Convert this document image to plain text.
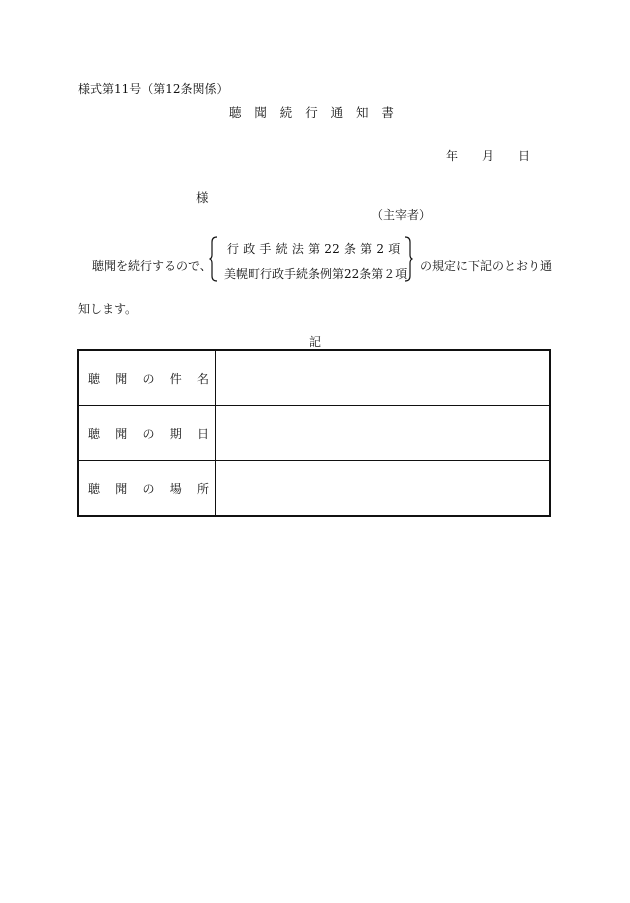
様式第11号（第12条関係）
聴　聞　続　行　通　知　書
年　　月　　日
様
（主宰者）
聴聞を続行するので、
行 政 手 続 法 第 22 条 第 2 項
美幌町行政手続条例第22条第２項
の規定に下記のとおり通
知します。
記
聴 聞 の 件 名	

聴 聞 の 期 日	

聴 聞 の 場 所	
